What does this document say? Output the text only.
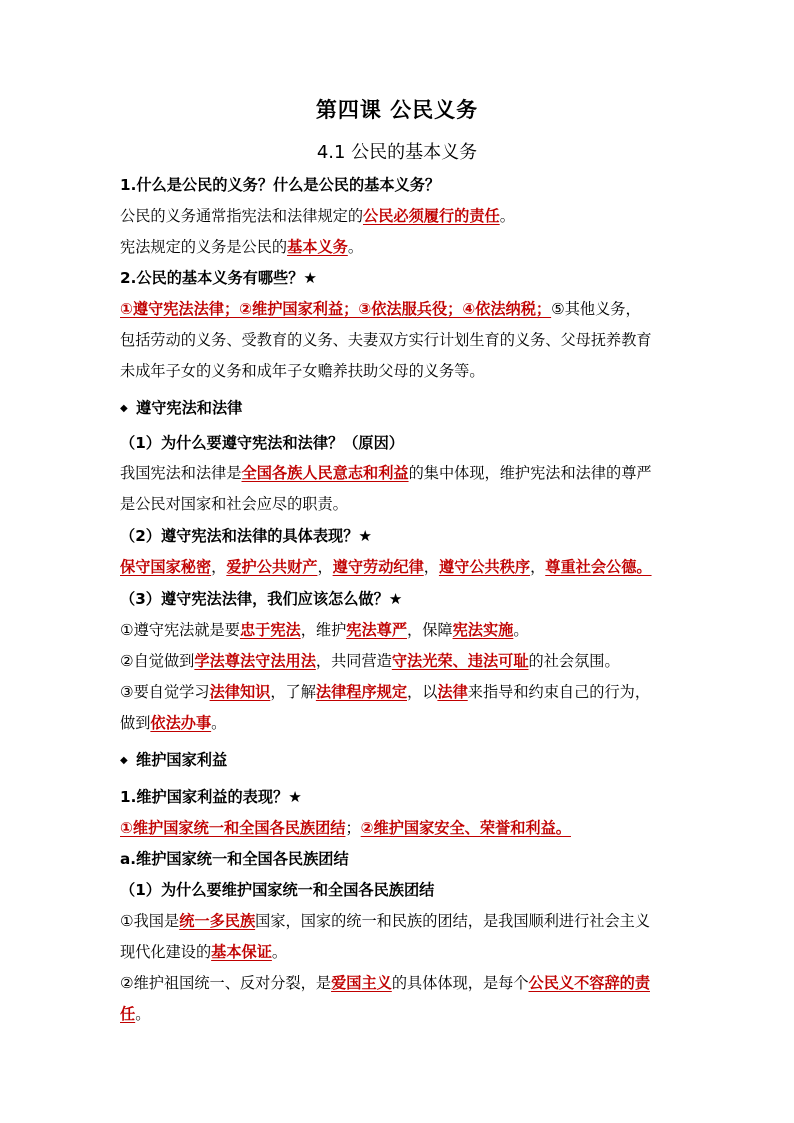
第四课 公民义务
4.1 公民的基本义务
1.什么是公民的义务？什么是公民的基本义务？
公民的义务通常指宪法和法律规定的公民必须履行的责任。
宪法规定的义务是公民的基本义务。
2.公民的基本义务有哪些？★
①遵守宪法法律；②维护国家利益；③依法服兵役；④依法纳税；⑤其他义务，
包括劳动的义务、受教育的义务、夫妻双方实行计划生育的义务、父母抚养教育
未成年子女的义务和成年子女赡养扶助父母的义务等。
◆ 遵守宪法和法律
（1）为什么要遵守宪法和法律？（原因）
我国宪法和法律是全国各族人民意志和利益的集中体现，维护宪法和法律的尊严
是公民对国家和社会应尽的职责。
（2）遵守宪法和法律的具体表现？★
保守国家秘密，爱护公共财产，遵守劳动纪律，遵守公共秩序，尊重社会公德。
（3）遵守宪法法律，我们应该怎么做？★
①遵守宪法就是要忠于宪法，维护宪法尊严，保障宪法实施。
②自觉做到学法尊法守法用法，共同营造守法光荣、违法可耻的社会氛围。
③要自觉学习法律知识，了解法律程序规定，以法律来指导和约束自己的行为，
做到依法办事。
◆ 维护国家利益
1.维护国家利益的表现？★
①维护国家统一和全国各民族团结；②维护国家安全、荣誉和利益。
a.维护国家统一和全国各民族团结
（1）为什么要维护国家统一和全国各民族团结
①我国是统一多民族国家，国家的统一和民族的团结，是我国顺利进行社会主义
现代化建设的基本保证。
②维护祖国统一、反对分裂，是爱国主义的具体体现，是每个公民义不容辞的责
任。
